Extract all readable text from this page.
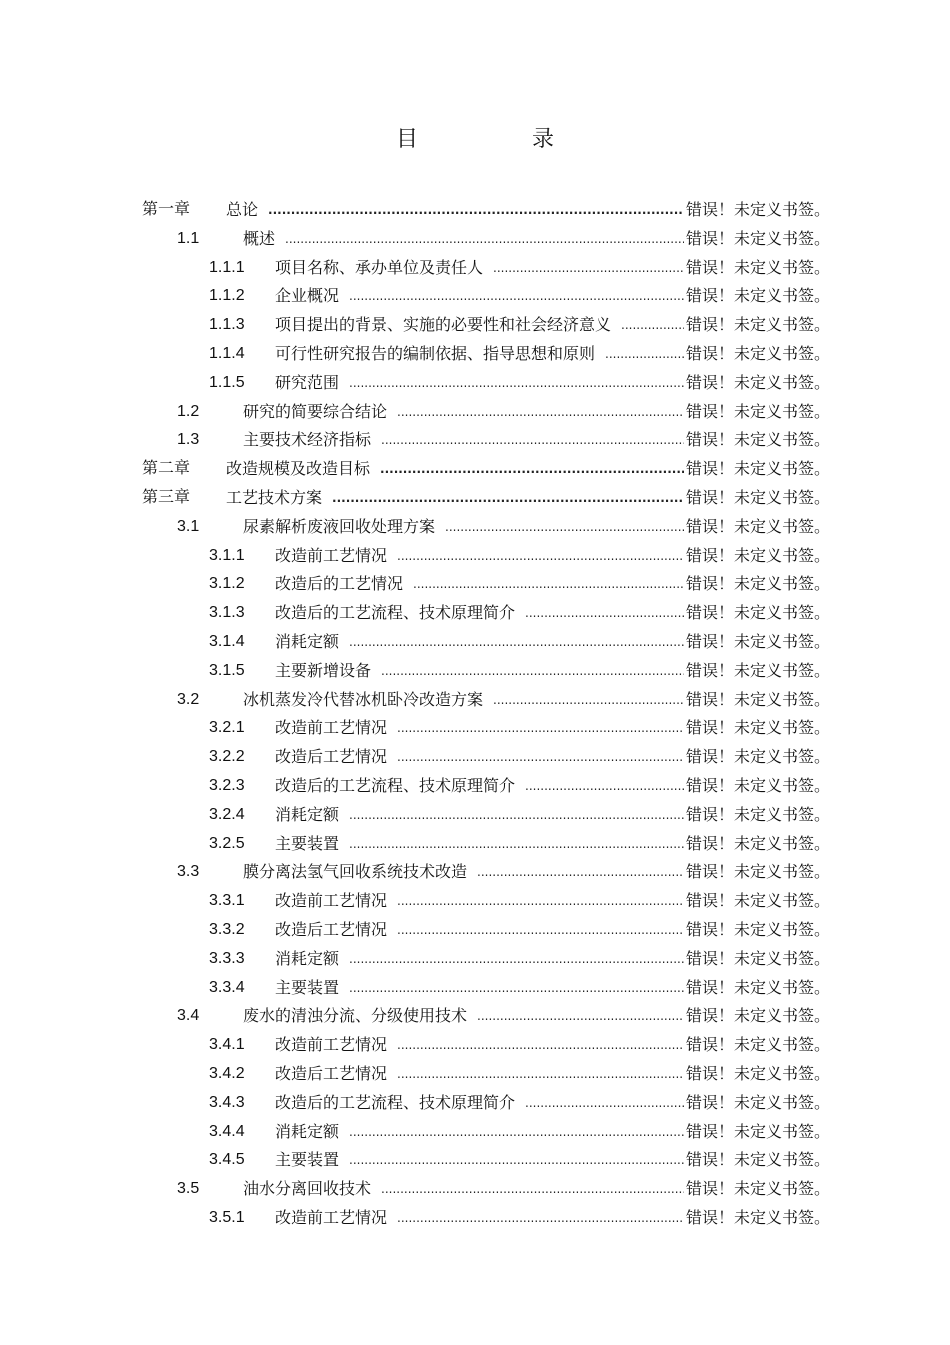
目　录
第一章	总论 .....	错误！未定义书签。
1.1	概述 .....	错误！未定义书签。
1.1.1	项目名称、承办单位及责任人 .....	错误！未定义书签。
1.1.2	企业概况 .....	错误！未定义书签。
1.1.3	项目提出的背景、实施的必要性和社会经济意义 .....	错误！未定义书签。
1.1.4	可行性研究报告的编制依据、指导思想和原则 .....	错误！未定义书签。
1.1.5	研究范围 .....	错误！未定义书签。
1.2	研究的简要综合结论 .....	错误！未定义书签。
1.3	主要技术经济指标 .....	错误！未定义书签。
第二章	改造规模及改造目标 .....	错误！未定义书签。
第三章	工艺技术方案 .....	错误！未定义书签。
3.1	尿素解析废液回收处理方案 .....	错误！未定义书签。
3.1.1	改造前工艺情况 .....	错误！未定义书签。
3.1.2	改造后的工艺情况 .....	错误！未定义书签。
3.1.3	改造后的工艺流程、技术原理简介 .....	错误！未定义书签。
3.1.4	消耗定额 .....	错误！未定义书签。
3.1.5	主要新增设备 .....	错误！未定义书签。
3.2	冰机蒸发冷代替冰机卧冷改造方案 .....	错误！未定义书签。
3.2.1	改造前工艺情况 .....	错误！未定义书签。
3.2.2	改造后工艺情况 .....	错误！未定义书签。
3.2.3	改造后的工艺流程、技术原理简介 .....	错误！未定义书签。
3.2.4	消耗定额 .....	错误！未定义书签。
3.2.5	主要装置 .....	错误！未定义书签。
3.3	膜分离法氢气回收系统技术改造 .....	错误！未定义书签。
3.3.1	改造前工艺情况 .....	错误！未定义书签。
3.3.2	改造后工艺情况 .....	错误！未定义书签。
3.3.3	消耗定额 .....	错误！未定义书签。
3.3.4	主要装置 .....	错误！未定义书签。
3.4	废水的清浊分流、分级使用技术 .....	错误！未定义书签。
3.4.1	改造前工艺情况 .....	错误！未定义书签。
3.4.2	改造后工艺情况 .....	错误！未定义书签。
3.4.3	改造后的工艺流程、技术原理简介 .....	错误！未定义书签。
3.4.4	消耗定额 .....	错误！未定义书签。
3.4.5	主要装置 .....	错误！未定义书签。
3.5	油水分离回收技术 .....	错误！未定义书签。
3.5.1	改造前工艺情况 .....	错误！未定义书签。
